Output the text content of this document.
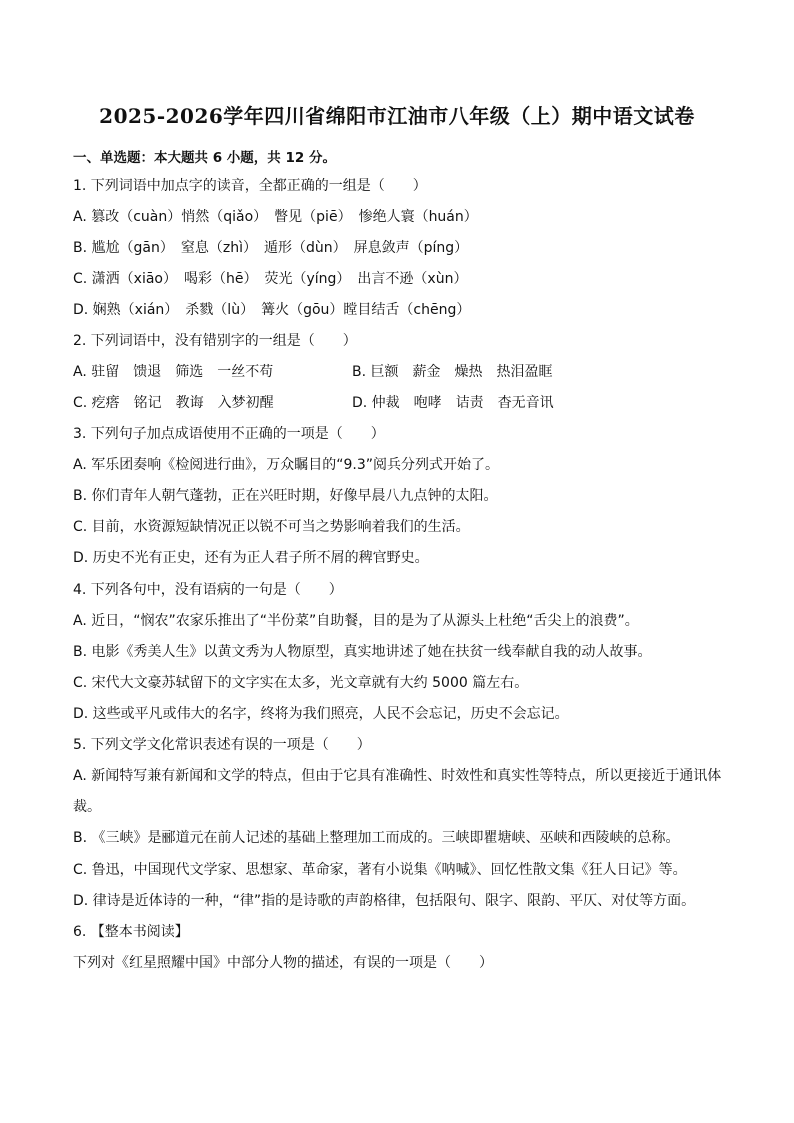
2025-2026学年四川省绵阳市江油市八年级（上）期中语文试卷
一、单选题：本大题共 6 小题，共 12 分。
1. 下列词语中加点字的读音，全都正确的一组是（　　）
A. 篡改（cuàn）悄然（qiǎo）　瞥见（piē）　惨绝人寰（huán）
B. 尴尬（gān）　窒息（zhì）　遁形（dùn）　屏息敛声（píng）
C. 潇洒（xiāo）　喝彩（hē）　荧光（yíng）　出言不逊（xùn）
D. 娴熟（xián）　杀戮（lù）　篝火（gōu）瞠目结舌（chēng）
2. 下列词语中，没有错别字的一组是（　　）
A. 驻留　馈退　筛选　一丝不苟	B. 巨额　薪金　燥热　热泪盈眶
C. 疙瘩　铭记　教诲　入梦初醒	D. 仲裁　咆哮　诘责　杳无音讯
3. 下列句子加点成语使用不正确的一项是（　　）
A. 军乐团奏响《检阅进行曲》，万众瞩目的“9.3”阅兵分列式开始了。
B. 你们青年人朝气蓬勃，正在兴旺时期，好像早晨八九点钟的太阳。
C. 目前，水资源短缺情况正以锐不可当之势影响着我们的生活。
D. 历史不光有正史，还有为正人君子所不屑的稗官野史。
4. 下列各句中，没有语病的一句是（　　）
A. 近日，“悯农”农家乐推出了“半份菜”自助餐，目的是为了从源头上杜绝“舌尖上的浪费”。
B. 电影《秀美人生》以黄文秀为人物原型，真实地讲述了她在扶贫一线奉献自我的动人故事。
C. 宋代大文豪苏轼留下的文字实在太多，光文章就有大约 5000 篇左右。
D. 这些或平凡或伟大的名字，终将为我们照亮，人民不会忘记，历史不会忘记。
5. 下列文学文化常识表述有误的一项是（　　）
A. 新闻特写兼有新闻和文学的特点，但由于它具有准确性、时效性和真实性等特点，所以更接近于通讯体
裁。
B. 《三峡》是郦道元在前人记述的基础上整理加工而成的。三峡即瞿塘峡、巫峡和西陵峡的总称。
C. 鲁迅，中国现代文学家、思想家、革命家，著有小说集《呐喊》、回忆性散文集《狂人日记》等。
D. 律诗是近体诗的一种，“律”指的是诗歌的声韵格律，包括限句、限字、限韵、平仄、对仗等方面。
6. 【整本书阅读】
下列对《红星照耀中国》中部分人物的描述，有误的一项是（　　）
